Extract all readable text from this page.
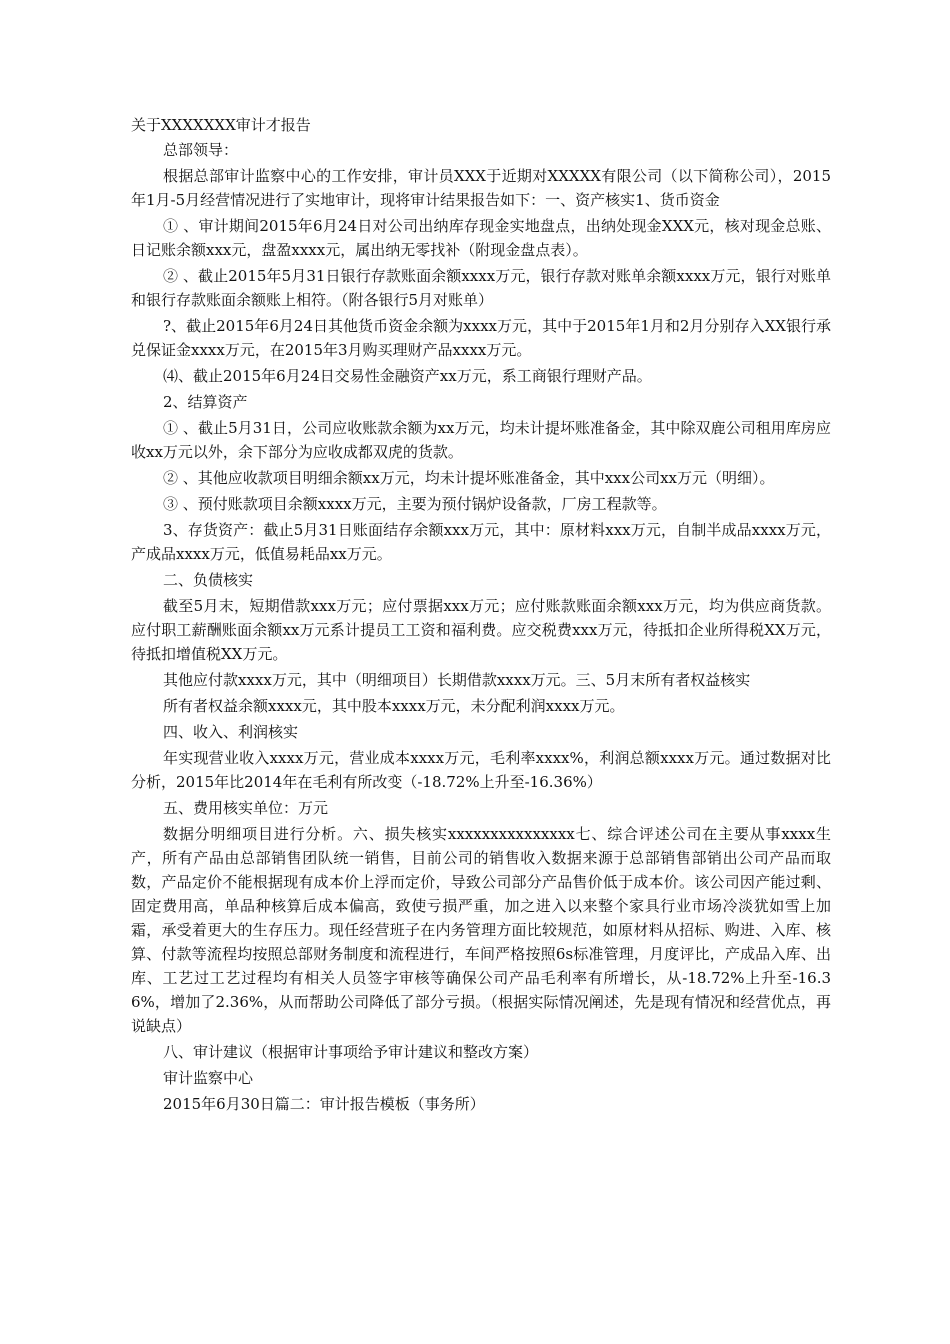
关于XXXXXXX审计才报告

总部领导：

根据总部审计监察中心的工作安排，审计员XXX于近期对XXXXX有限公司（以下简称公司），2015年1月-5月经营情况进行了实地审计，现将审计结果报告如下：一、资产核实1、货币资金

① 、审计期间2015年6月24日对公司出纳库存现金实地盘点，出纳处现金XXX元，核对现金总账、日记账余额xxx元，盘盈xxxx元，属出纳无零找补（附现金盘点表）。

② 、截止2015年5月31日银行存款账面余额xxxx万元，银行存款对账单余额xxxx万元，银行对账单和银行存款账面余额账上相符。（附各银行5月对账单）

?、截止2015年6月24日其他货币资金余额为xxxx万元，其中于2015年1月和2月分别存入XX银行承兑保证金xxxx万元，在2015年3月购买理财产品xxxx万元。

⑷、截止2015年6月24日交易性金融资产xx万元，系工商银行理财产品。

2、结算资产

① 、截止5月31日，公司应收账款余额为xx万元，均未计提坏账准备金，其中除双鹿公司租用库房应收xx万元以外，余下部分为应收成都双虎的货款。

② 、其他应收款项目明细余额xx万元，均未计提坏账准备金，其中xxx公司xx万元（明细）。

③ 、预付账款项目余额xxxx万元，主要为预付锅炉设备款，厂房工程款等。

3、存货资产：截止5月31日账面结存余额xxx万元，其中：原材料xxx万元，自制半成品xxxx万元，产成品xxxx万元，低值易耗品xx万元。

二、负债核实

截至5月末，短期借款xxx万元；应付票据xxx万元；应付账款账面余额xxx万元，均为供应商货款。应付职工薪酬账面余额xx万元系计提员工工资和福利费。应交税费xxx万元，待抵扣企业所得税XX万元，待抵扣增值税XX万元。

其他应付款xxxx万元，其中（明细项目）长期借款xxxx万元。三、5月末所有者权益核实

所有者权益余额xxxx元，其中股本xxxx万元，未分配利润xxxx万元。

四、收入、利润核实

年实现营业收入xxxx万元，营业成本xxxx万元，毛利率xxxx%，利润总额xxxx万元。通过数据对比分析，2015年比2014年在毛利有所改变（-18.72%上升至-16.36%）

五、费用核实单位：万元

数据分明细项目进行分析。六、损失核实xxxxxxxxxxxxxxx七、综合评述公司在主要从事xxxx生产，所有产品由总部销售团队统一销售，目前公司的销售收入数据来源于总部销售部销出公司产品而取数，产品定价不能根据现有成本价上浮而定价，导致公司部分产品售价低于成本价。该公司因产能过剩、固定费用高，单品种核算后成本偏高，致使亏损严重，加之进入以来整个家具行业市场冷淡犹如雪上加霜，承受着更大的生存压力。现任经营班子在内务管理方面比较规范，如原材料从招标、购进、入库、核算、付款等流程均按照总部财务制度和流程进行，车间严格按照6s标准管理，月度评比，产成品入库、出库、工艺过工艺过程均有相关人员签字审核等确保公司产品毛利率有所增长，从-18.72%上升至-16.36%，增加了2.36%，从而帮助公司降低了部分亏损。（根据实际情况阐述，先是现有情况和经营优点，再说缺点）

八、审计建议（根据审计事项给予审计建议和整改方案）

审计监察中心

2015年6月30日篇二：审计报告模板（事务所）
